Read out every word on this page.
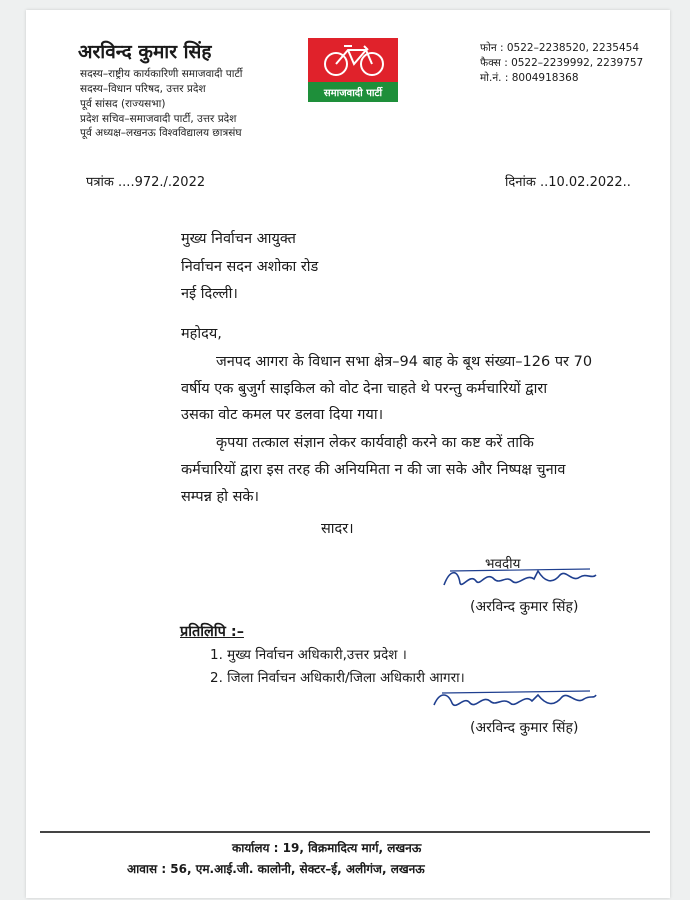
अरविन्द कुमार सिंह
सदस्य–राष्ट्रीय कार्यकारिणी समाजवादी पार्टी
सदस्य–विधान परिषद, उत्तर प्रदेश
पूर्व सांसद (राज्यसभा)
प्रदेश सचिव–समाजवादी पार्टी, उत्तर प्रदेश
पूर्व अध्यक्ष–लखनऊ विश्वविद्यालय छात्रसंघ
समाजवादी पार्टी
फोन : 0522–2238520, 2235454
फैक्स : 0522–2239992, 2239757
मो.नं. : 8004918368
पत्रांक ....972./.2022	दिनांक ..10.02.2022..
मुख्य निर्वाचन आयुक्त
निर्वाचन सदन अशोका रोड
नई दिल्ली।
महोदय,
जनपद आगरा के विधान सभा क्षेत्र–94 बाह के बूथ संख्या–126 पर 70
वर्षीय एक बुजुर्ग साइकिल को वोट देना चाहते थे परन्तु कर्मचारियों द्वारा
उसका वोट कमल पर डलवा दिया गया।
कृपया तत्काल संज्ञान लेकर कार्यवाही करने का कष्ट करें ताकि
कर्मचारियों द्वारा इस तरह की अनियमिता न की जा सके और निष्पक्ष चुनाव
सम्पन्न हो सके।
सादर।
भवदीय
(अरविन्द कुमार सिंह)
प्रतिलिपि :–
1. मुख्य निर्वाचन अधिकारी,उत्तर प्रदेश ।
2. जिला निर्वाचन अधिकारी/जिला अधिकारी आगरा।
(अरविन्द कुमार सिंह)
कार्यालय : 19, विक्रमादित्य मार्ग, लखनऊ
आवास : 56, एम.आई.जी. कालोनी, सेक्टर–ई, अलीगंज, लखनऊ
